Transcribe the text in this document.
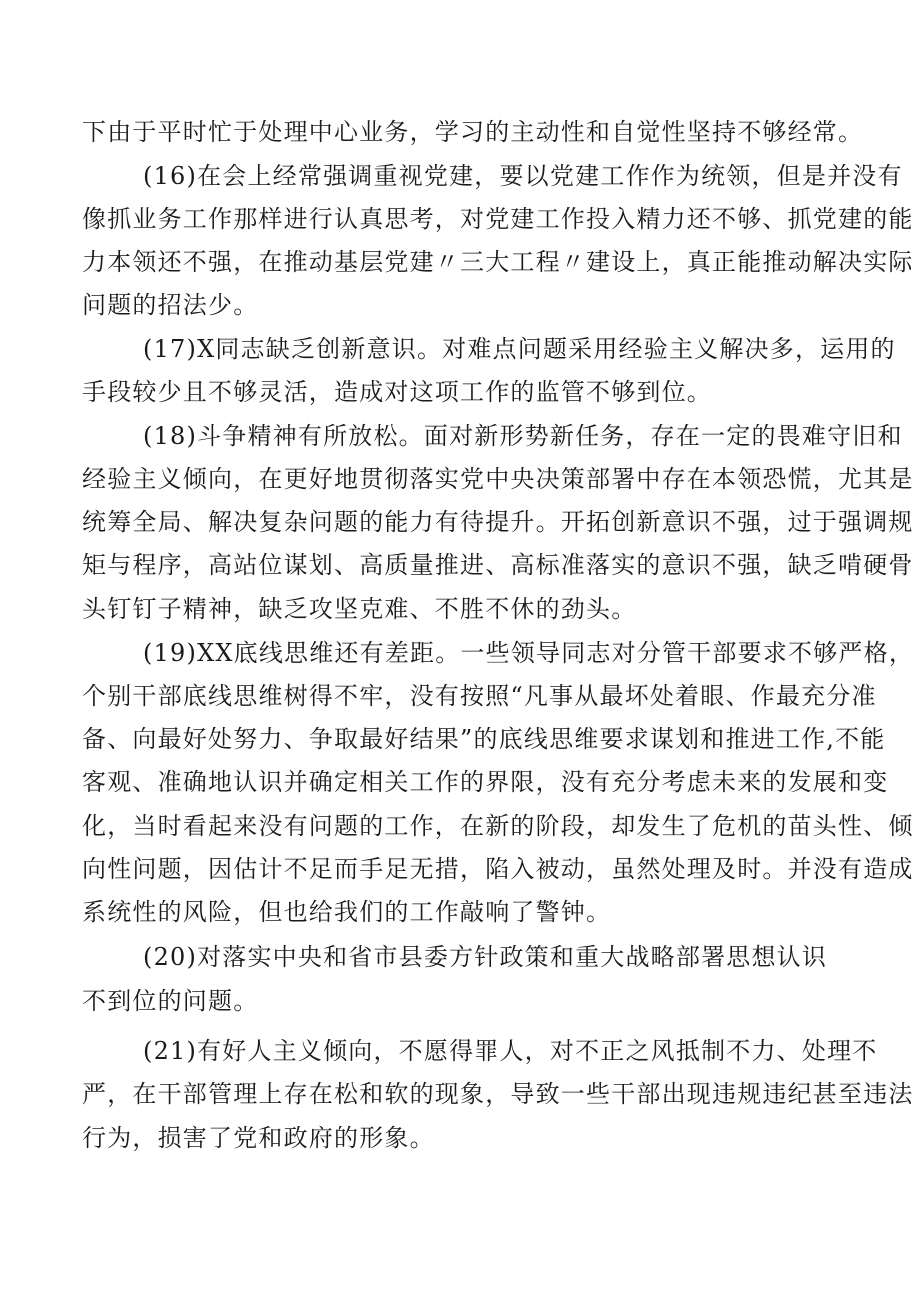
下由于平时忙于处理中心业务，学习的主动性和自觉性坚持不够经常。
(16)在会上经常强调重视党建，要以党建工作作为统领，但是并没有
像抓业务工作那样进行认真思考，对党建工作投入精力还不够、抓党建的能
力本领还不强，在推动基层党建〃三大工程〃建设上，真正能推动解决实际
问题的招法少。
(17)X同志缺乏创新意识。对难点问题采用经验主义解决多，运用的
手段较少且不够灵活，造成对这项工作的监管不够到位。
(18)斗争精神有所放松。面对新形势新任务，存在一定的畏难守旧和
经验主义倾向，在更好地贯彻落实党中央决策部署中存在本领恐慌，尤其是
统筹全局、解决复杂问题的能力有待提升。开拓创新意识不强，过于强调规
矩与程序，高站位谋划、高质量推进、高标准落实的意识不强，缺乏啃硬骨
头钉钉子精神，缺乏攻坚克难、不胜不休的劲头。
(19)XX底线思维还有差距。一些领导同志对分管干部要求不够严格，
个别干部底线思维树得不牢，没有按照“凡事从最坏处着眼、作最充分准
备、向最好处努力、争取最好结果”的底线思维要求谋划和推进工作,不能
客观、准确地认识并确定相关工作的界限，没有充分考虑未来的发展和变
化，当时看起来没有问题的工作，在新的阶段，却发生了危机的苗头性、倾
向性问题，因估计不足而手足无措，陷入被动，虽然处理及时。并没有造成
系统性的风险，但也给我们的工作敲响了警钟。
(20)对落实中央和省市县委方针政策和重大战略部署思想认识
不到位的问题。
(21)有好人主义倾向，不愿得罪人，对不正之风抵制不力、处理不
严，在干部管理上存在松和软的现象，导致一些干部出现违规违纪甚至违法
行为，损害了党和政府的形象。
